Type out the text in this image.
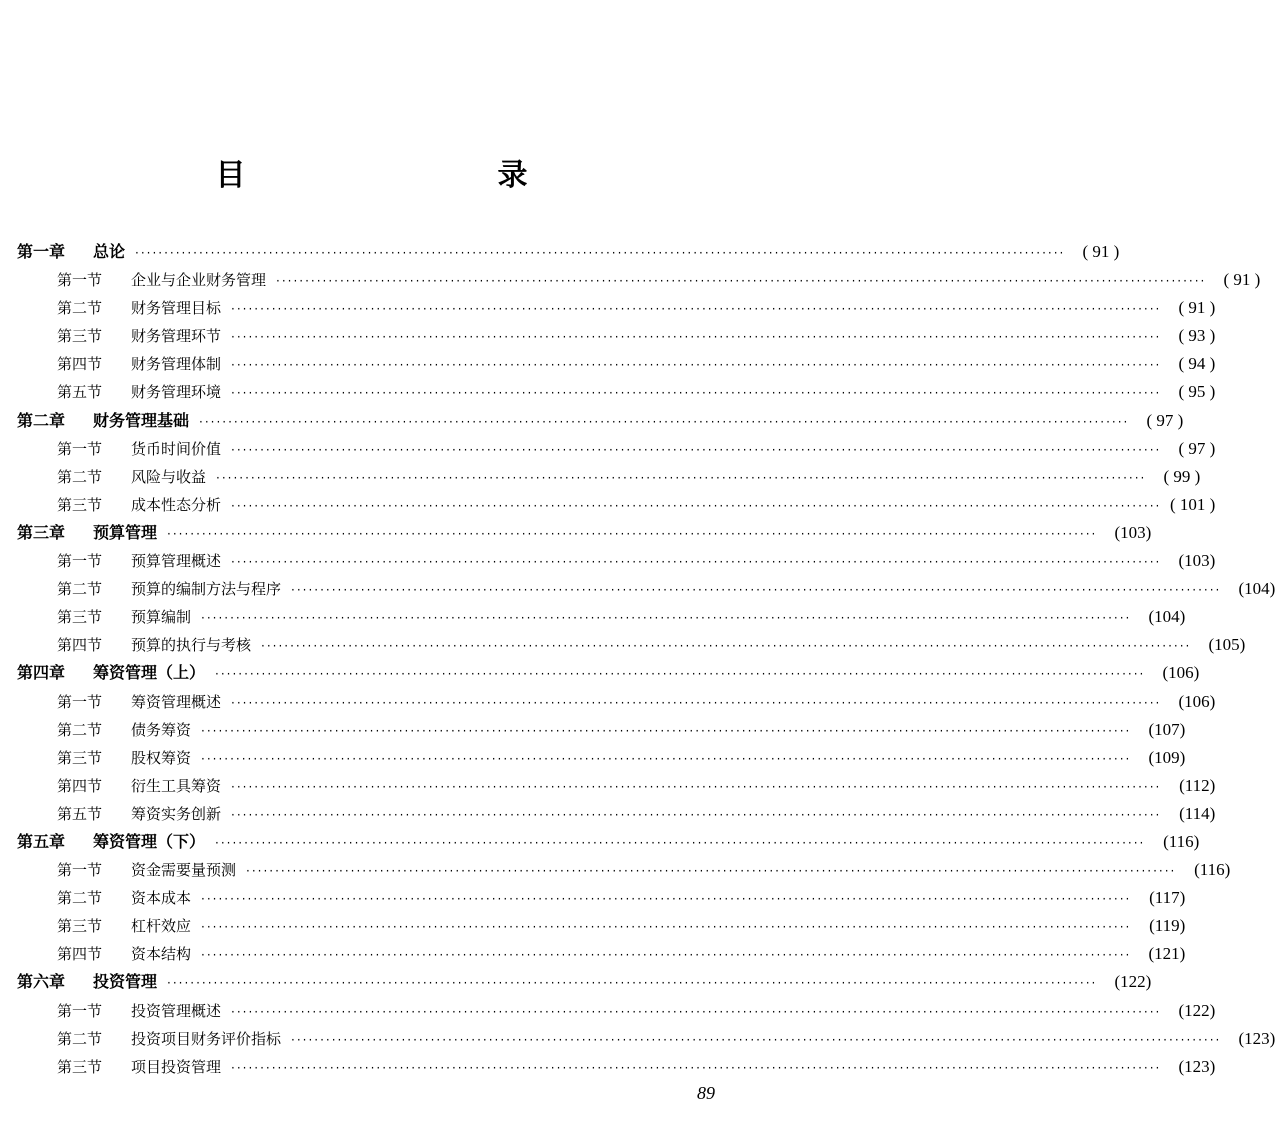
目　　录
第一章 总论 ································································································································································	( 91 )
第一节 企业与企业财务管理 ································································································································································	( 91 )
第二节 财务管理目标 ································································································································································	( 91 )
第三节 财务管理环节 ································································································································································	( 93 )
第四节 财务管理体制 ································································································································································	( 94 )
第五节 财务管理环境 ································································································································································	( 95 )
第二章 财务管理基础 ································································································································································	( 97 )
第一节 货币时间价值 ································································································································································	( 97 )
第二节 风险与收益 ································································································································································	( 99 )
第三节 成本性态分析 ································································································································································ ( 101 )
第三章 预算管理 ································································································································································	(103)
第一节 预算管理概述 ································································································································································	(103)
第二节 预算的编制方法与程序 ································································································································································	(104)
第三节 预算编制 ································································································································································	(104)
第四节 预算的执行与考核 ································································································································································	(105)
第四章 筹资管理（上） ································································································································································	(106)
第一节 筹资管理概述 ································································································································································	(106)
第二节 债务筹资 ································································································································································	(107)
第三节 股权筹资 ································································································································································	(109)
第四节 衍生工具筹资 ································································································································································	(112)
第五节 筹资实务创新 ································································································································································	(114)
第五章 筹资管理（下） ································································································································································	(116)
第一节 资金需要量预测 ································································································································································	(116)
第二节 资本成本 ································································································································································	(117)
第三节 杠杆效应 ································································································································································	(119)
第四节 资本结构 ································································································································································	(121)
第六章 投资管理 ································································································································································	(122)
第一节 投资管理概述 ································································································································································	(122)
第二节 投资项目财务评价指标 ································································································································································	(123)
第三节 项目投资管理 ································································································································································	(123)
89
